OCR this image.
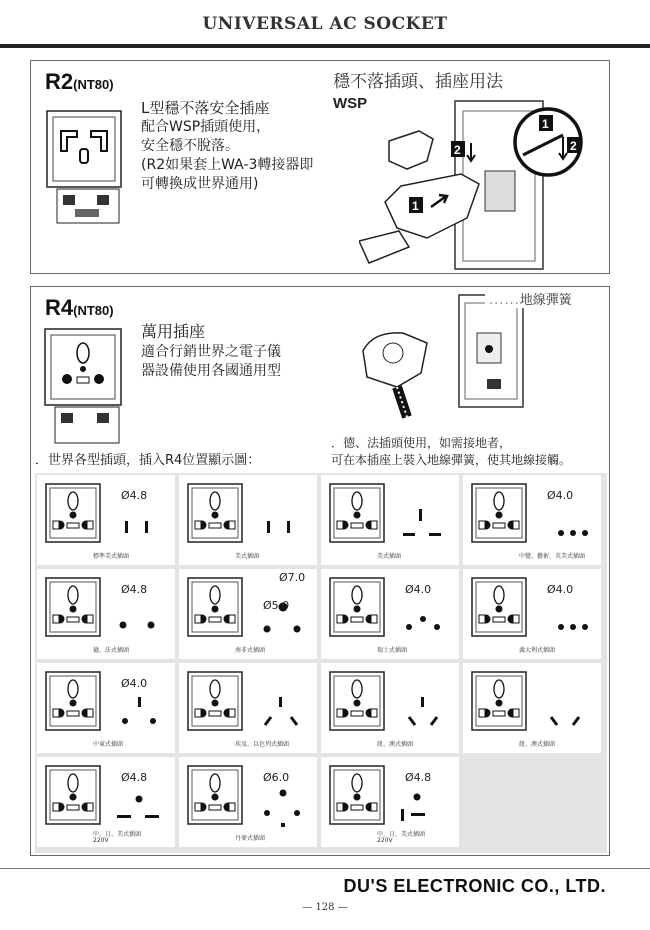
UNIVERSAL AC SOCKET
R2(NT80)
L型穩不落安全插座
配合WSP插頭使用，
安全穩不脫落。
(R2如果套上WA-3轉接器即
可轉換成世界通用)
穩不落插頭、插座用法
WSP
2
1
1
2
R4(NT80)
萬用插座
適合行銷世界之電子儀
器設備使用各國通用型
......地線彈簧
．世界各型插頭，插入R4位置顯示圖：
．德、法插頭使用，如需接地者，
可在本插座上裝入地線彈簧，使其地線接觸。
Ø4.8
標準美式插頭	美式插頭	美式插頭
Ø4.0
中變、藝術、英美式插頭
Ø4.8
德、法式插頭
Ø7.0
Ø5.0
南非式插頭
Ø4.0
瑞士式插頭
Ø4.0
義大利式插頭
Ø4.0
中東式插頭	埃及、以色列式插頭	紐、澳式插頭	紐、澳式插頭
Ø4.8
中、日、美式插頭
220V
Ø6.0
丹麥式插頭
Ø4.8
中、日、美式插頭
220V
DU'S ELECTRONIC CO., LTD.
— 128 —
